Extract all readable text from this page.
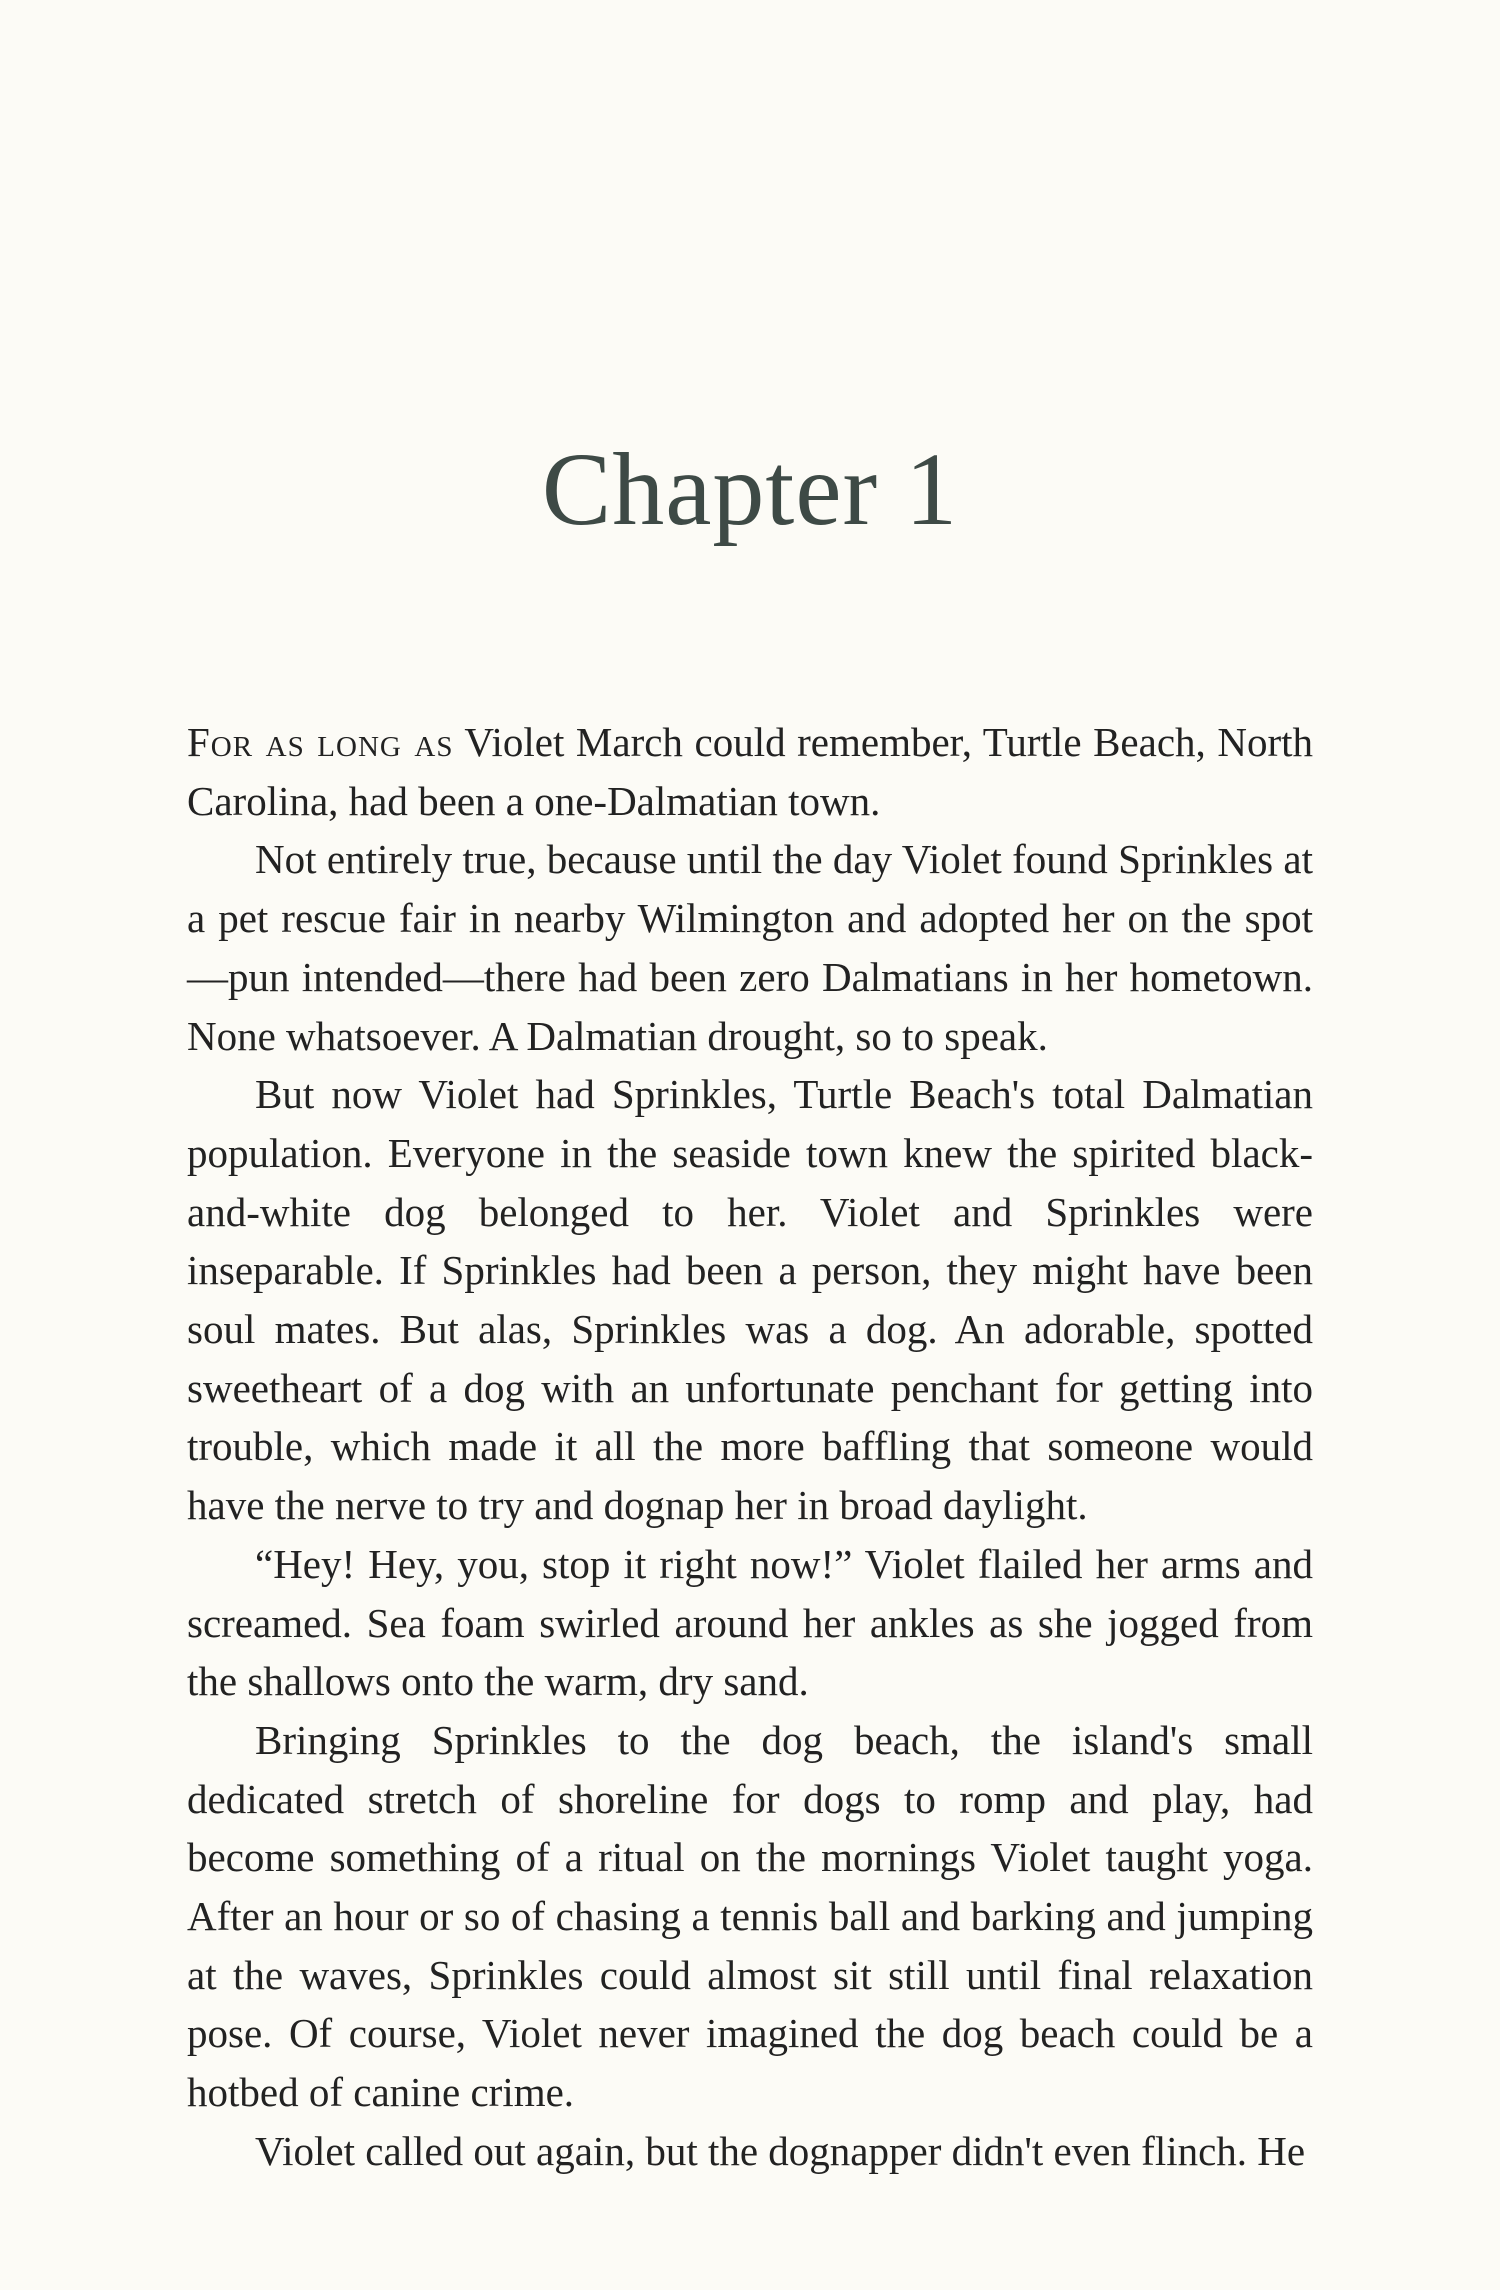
Chapter 1

For as long as Violet March could remember, Turtle Beach, North Carolina, had been a one-Dalmatian town.

Not entirely true, because until the day Violet found Sprinkles at a pet rescue fair in nearby Wilmington and adopted her on the spot—pun intended—there had been zero Dalmatians in her hometown. None whatsoever. A Dalmatian drought, so to speak.

But now Violet had Sprinkles, Turtle Beach's total Dalmatian population. Everyone in the seaside town knew the spirited black-and-white dog belonged to her. Violet and Sprinkles were inseparable. If Sprinkles had been a person, they might have been soul mates. But alas, Sprinkles was a dog. An adorable, spotted sweetheart of a dog with an unfortunate penchant for getting into trouble, which made it all the more baffling that someone would have the nerve to try and dognap her in broad daylight.

“Hey! Hey, you, stop it right now!” Violet flailed her arms and screamed. Sea foam swirled around her ankles as she jogged from the shallows onto the warm, dry sand.

Bringing Sprinkles to the dog beach, the island's small dedicated stretch of shoreline for dogs to romp and play, had become something of a ritual on the mornings Violet taught yoga. After an hour or so of chasing a tennis ball and barking and jumping at the waves, Sprinkles could almost sit still until final relaxation pose. Of course, Violet never imagined the dog beach could be a hotbed of canine crime.

Violet called out again, but the dognapper didn't even flinch. He
